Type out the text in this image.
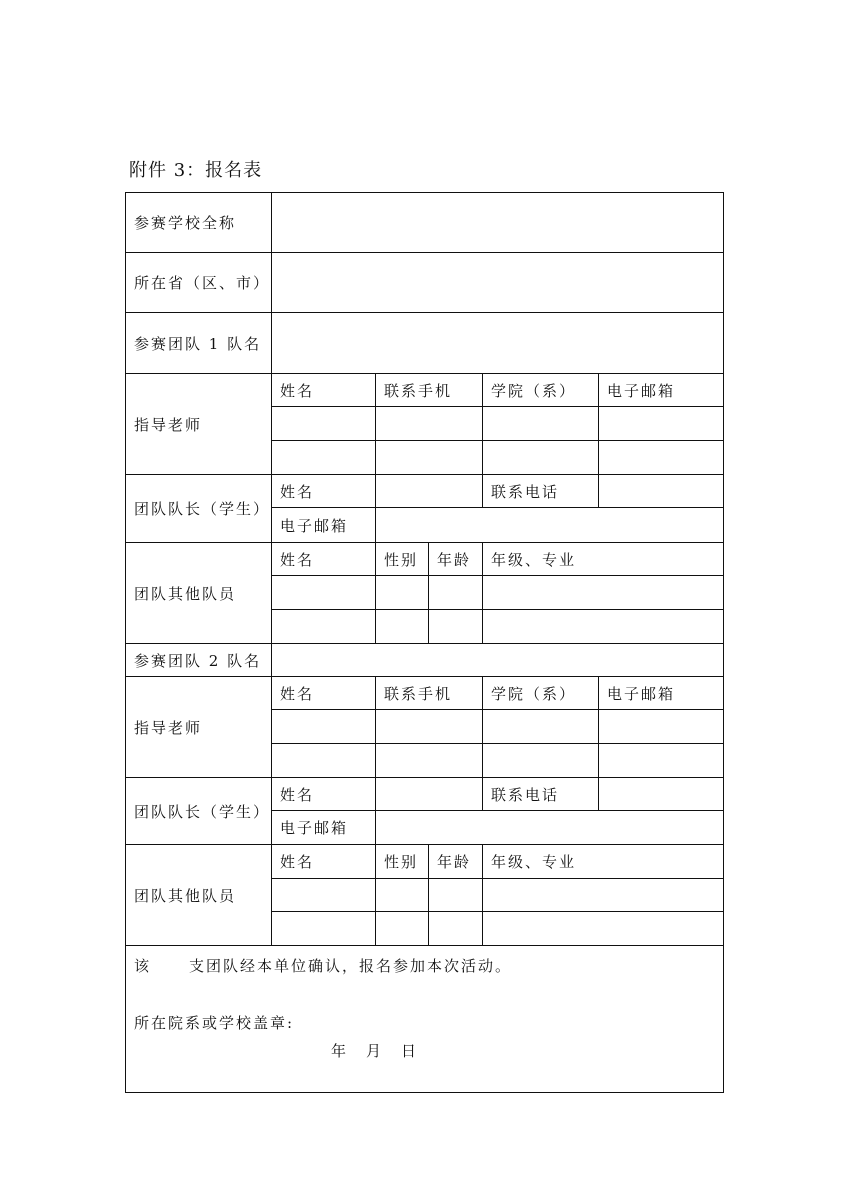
附件 3：报名表
参赛学校全称					
所在省（区、市）					
参赛团队 1 队名					
指导老师	姓名	联系手机		学院（系）	电子邮箱

团队队长（学生）	姓名			联系电话	
	电子邮箱				
团队其他队员	姓名	性别	年龄	年级、专业	

参赛团队 2 队名					
指导老师	姓名	联系手机		学院（系）	电子邮箱

团队队长（学生）	姓名			联系电话	
	电子邮箱				
团队其他队员	姓名	性别	年龄	年级、专业	

该 支团队经本单位确认，报名参加本次活动。
所在院系或学校盖章:
年 月 日					
